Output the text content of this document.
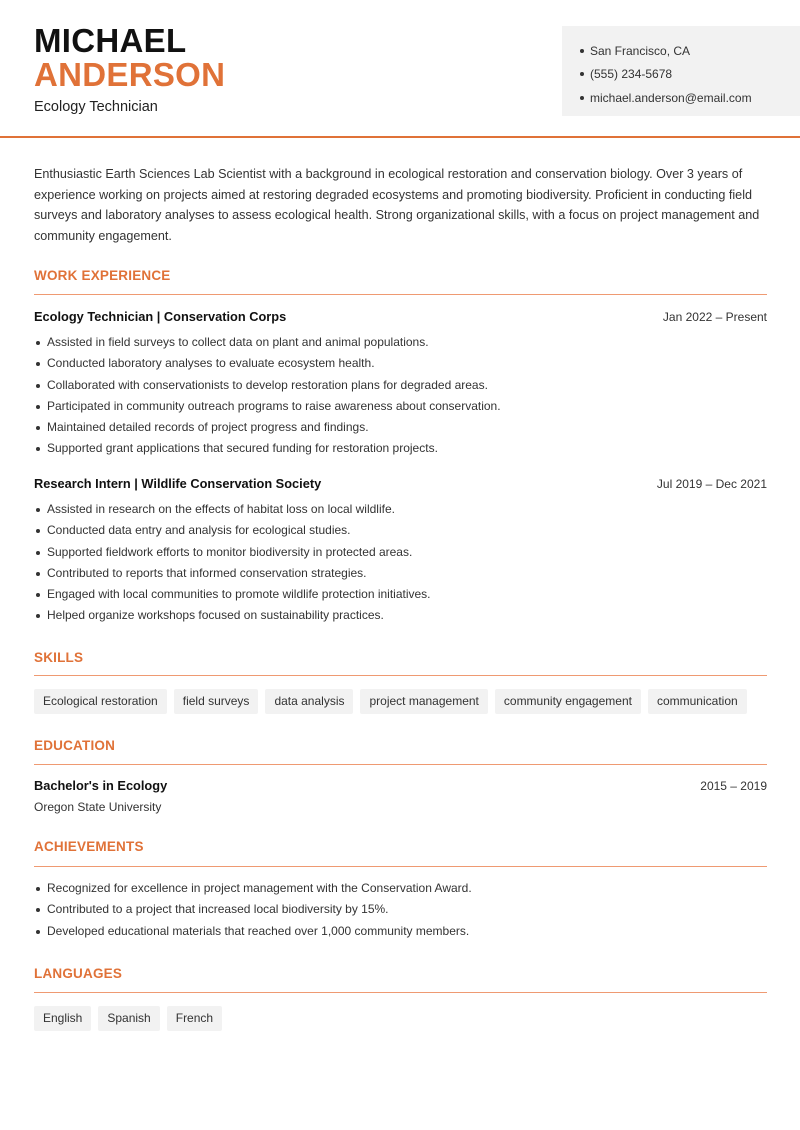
MICHAEL
ANDERSON
Ecology Technician
San Francisco, CA
(555) 234-5678
michael.anderson@email.com

Enthusiastic Earth Sciences Lab Scientist with a background in ecological restoration and conservation biology. Over 3 years of experience working on projects aimed at restoring degraded ecosystems and promoting biodiversity. Proficient in conducting field surveys and laboratory analyses to assess ecological health. Strong organizational skills, with a focus on project management and community engagement.

WORK EXPERIENCE
Ecology Technician | Conservation Corps	Jan 2022 – Present
Assisted in field surveys to collect data on plant and animal populations.
Conducted laboratory analyses to evaluate ecosystem health.
Collaborated with conservationists to develop restoration plans for degraded areas.
Participated in community outreach programs to raise awareness about conservation.
Maintained detailed records of project progress and findings.
Supported grant applications that secured funding for restoration projects.
Research Intern | Wildlife Conservation Society	Jul 2019 – Dec 2021
Assisted in research on the effects of habitat loss on local wildlife.
Conducted data entry and analysis for ecological studies.
Supported fieldwork efforts to monitor biodiversity in protected areas.
Contributed to reports that informed conservation strategies.
Engaged with local communities to promote wildlife protection initiatives.
Helped organize workshops focused on sustainability practices.
SKILLS
Ecological restoration	field surveys	data analysis	project management	community engagement	communication
EDUCATION
Bachelor's in Ecology	2015 – 2019
Oregon State University
ACHIEVEMENTS
Recognized for excellence in project management with the Conservation Award.
Contributed to a project that increased local biodiversity by 15%.
Developed educational materials that reached over 1,000 community members.
LANGUAGES
English	Spanish	French
